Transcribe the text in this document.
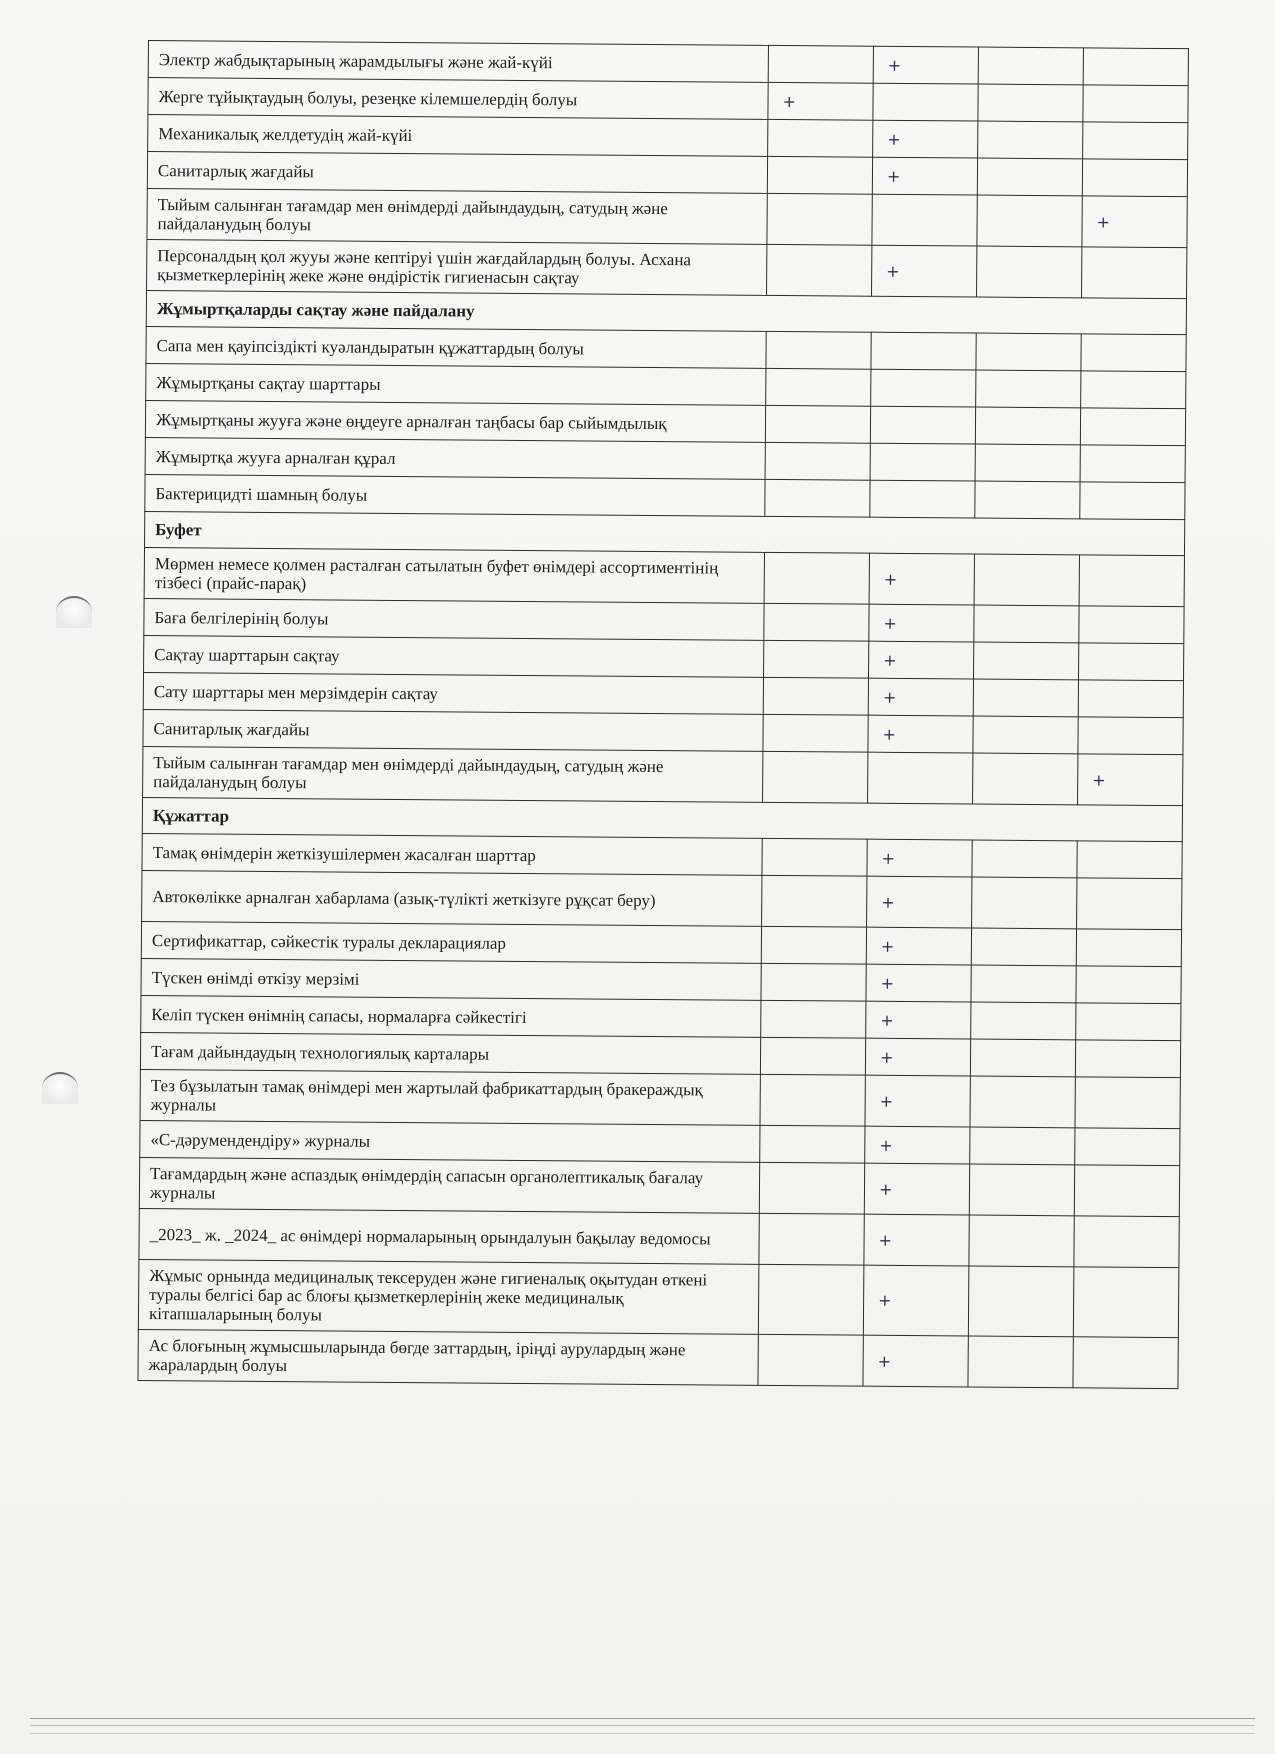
Электр жабдықтарының жарамдылығы және жай-күйі		+		
Жерге тұйықтаудың болуы, резеңке кілемшелердің болуы	+			
Механикалық желдетудің жай-күйі		+		
Санитарлық жағдайы		+		
Тыйым салынған тағамдар мен өнімдерді дайындаудың, сатудың және пайдаланудың болуы				+
Персоналдың қол жууы және кептіруі үшін жағдайлардың болуы. Асхана қызметкерлерінің жеке және өндірістік гигиенасын сақтау		+		
Жұмыртқаларды сақтау және пайдалану				
Сапа мен қауіпсіздікті куәландыратын құжаттардың болуы				
Жұмыртқаны сақтау шарттары				
Жұмыртқаны жууға және өңдеуге арналған таңбасы бар сыйымдылық				
Жұмыртқа жууға арналған құрал				
Бактерицидті шамның болуы				
Буфет				
Мөрмен немесе қолмен расталған сатылатын буфет өнімдері ассортиментінің тізбесі (прайс-парақ)		+		
Баға белгілерінің болуы		+		
Сақтау шарттарын сақтау		+		
Сату шарттары мен мерзімдерін сақтау		+		
Санитарлық жағдайы		+		
Тыйым салынған тағамдар мен өнімдерді дайындаудың, сатудың және пайдаланудың болуы				+
Құжаттар				
Тамақ өнімдерін жеткізушілермен жасалған шарттар		+		
Автокөлікке арналған хабарлама (азық-түлікті жеткізуге рұқсат беру)		+		
Сертификаттар, сәйкестік туралы декларациялар		+		
Түскен өнімді өткізу мерзімі		+		
Келіп түскен өнімнің сапасы, нормаларға сәйкестігі		+		
Тағам дайындаудың технологиялық карталары		+		
Тез бұзылатын тамақ өнімдері мен жартылай фабрикаттардың бракераждық журналы		+		
«С-дәрумендендіру» журналы		+		
Тағамдардың және аспаздық өнімдердің сапасын органолептикалық бағалау журналы		+		
_2023_ ж. _2024_ ас өнімдері нормаларының орындалуын бақылау ведомосы		+		
Жұмыс орнында медициналық тексеруден және гигиеналық оқытудан өткені туралы белгісі бар ас блоғы қызметкерлерінің жеке медициналық кітапшаларының болуы		+		
Ас блоғының жұмысшыларында бөгде заттардың, іріңді аурулардың және жаралардың болуы		+		
